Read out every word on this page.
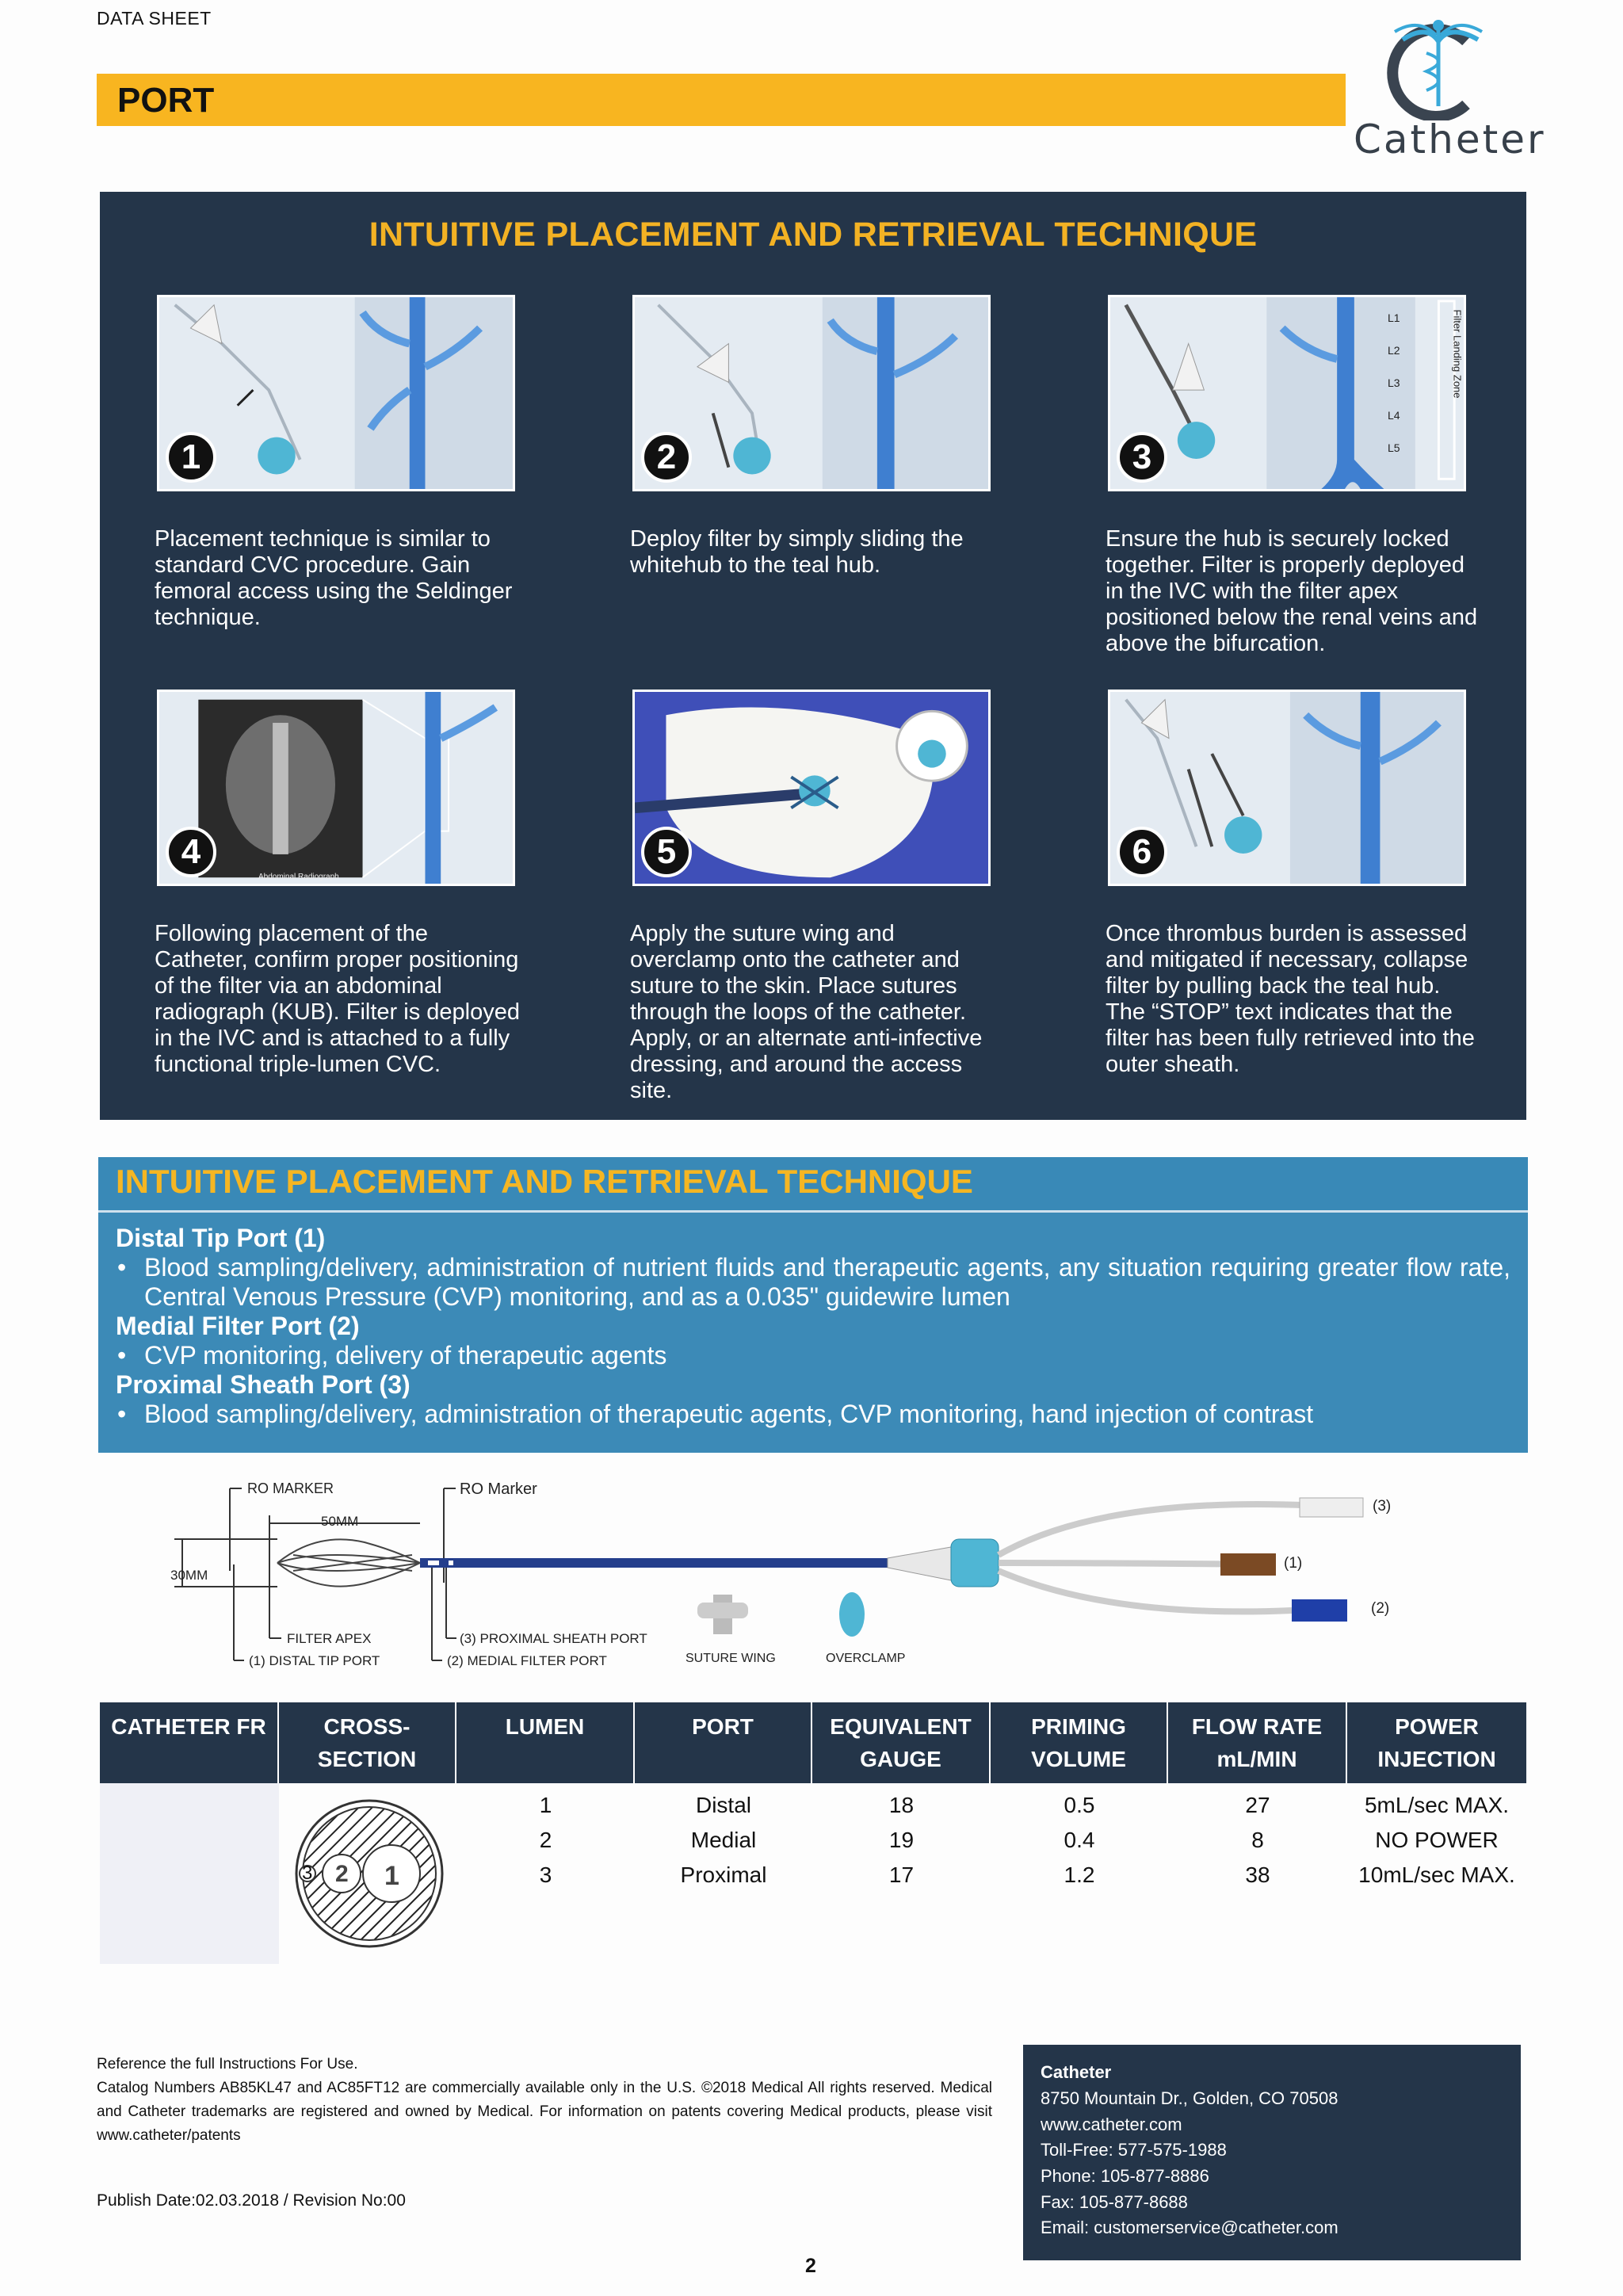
DATA SHEET
PORT
Catheter
INTUITIVE PLACEMENT AND RETRIEVAL TECHNIQUE
1
Placement technique is similar to standard CVC procedure. Gain femoral access using the Seldinger technique.
2
Deploy filter by simply sliding the whitehub to the teal hub.
L1
L2
L3
L4
L5
Filter Landing Zone
3
Ensure the hub is securely locked together. Filter is properly deployed in the IVC with the filter apex positioned below the renal veins and above the bifurcation.
Abdominal Radiograph
4
Following placement of the Catheter, confirm proper positioning of the filter via an abdominal radiograph (KUB). Filter is deployed in the IVC and is attached to a fully functional triple-lumen CVC.
5
Apply the suture wing and overclamp onto the catheter and suture to the skin. Place sutures through the loops of the catheter. Apply, or an alternate anti-infective dressing, and around the access site.
6
Once thrombus burden is assessed and mitigated if necessary, collapse filter by pulling back the teal hub. The “STOP” text indicates that the filter has been fully retrieved into the outer sheath.
INTUITIVE PLACEMENT AND RETRIEVAL TECHNIQUE
Distal Tip Port (1)
• Blood sampling/delivery, administration of nutrient fluids and therapeutic agents, any situation requiring greater flow rate, Central Venous Pressure (CVP) monitoring, and as a 0.035" guidewire lumen
Medial Filter Port (2)
• CVP monitoring, delivery of therapeutic agents
Proximal Sheath Port (3)
• Blood sampling/delivery, administration of therapeutic agents, CVP monitoring, hand injection of contrast
RO MARKER	RO Marker
50MM
30MM
FILTER APEX
(1) DISTAL TIP PORT	(2) MEDIAL FILTER PORT
(3) PROXIMAL SHEATH PORT
SUTURE WING	OVERCLAMP
(3)
(1)
(2)
CATHETER FR	CROSS-
SECTION
LUMEN	PORT	EQUIVALENT
GAUGE
PRIMING
VOLUME
FLOW RATE
mL/MIN
POWER
INJECTION
3 2 1
1	Distal	18	0.5	27	5mL/sec MAX.
2	Medial	19	0.4	8	NO POWER
3	Proximal	17	1.2	38	10mL/sec MAX.
Reference the full Instructions For Use.
Catalog Numbers AB85KL47 and AC85FT12 are commercially available only in the U.S. ©2018 Medical All rights reserved. Medical and Catheter trademarks are registered and owned by Medical. For information on patents covering Medical products, please visit www.catheter/patents
Publish Date:02.03.2018 / Revision No:00
Catheter
8750 Mountain Dr., Golden, CO 70508
www.catheter.com
Toll-Free: 577-575-1988
Phone: 105-877-8886
Fax: 105-877-8688
Email: customerservice@catheter.com
2
